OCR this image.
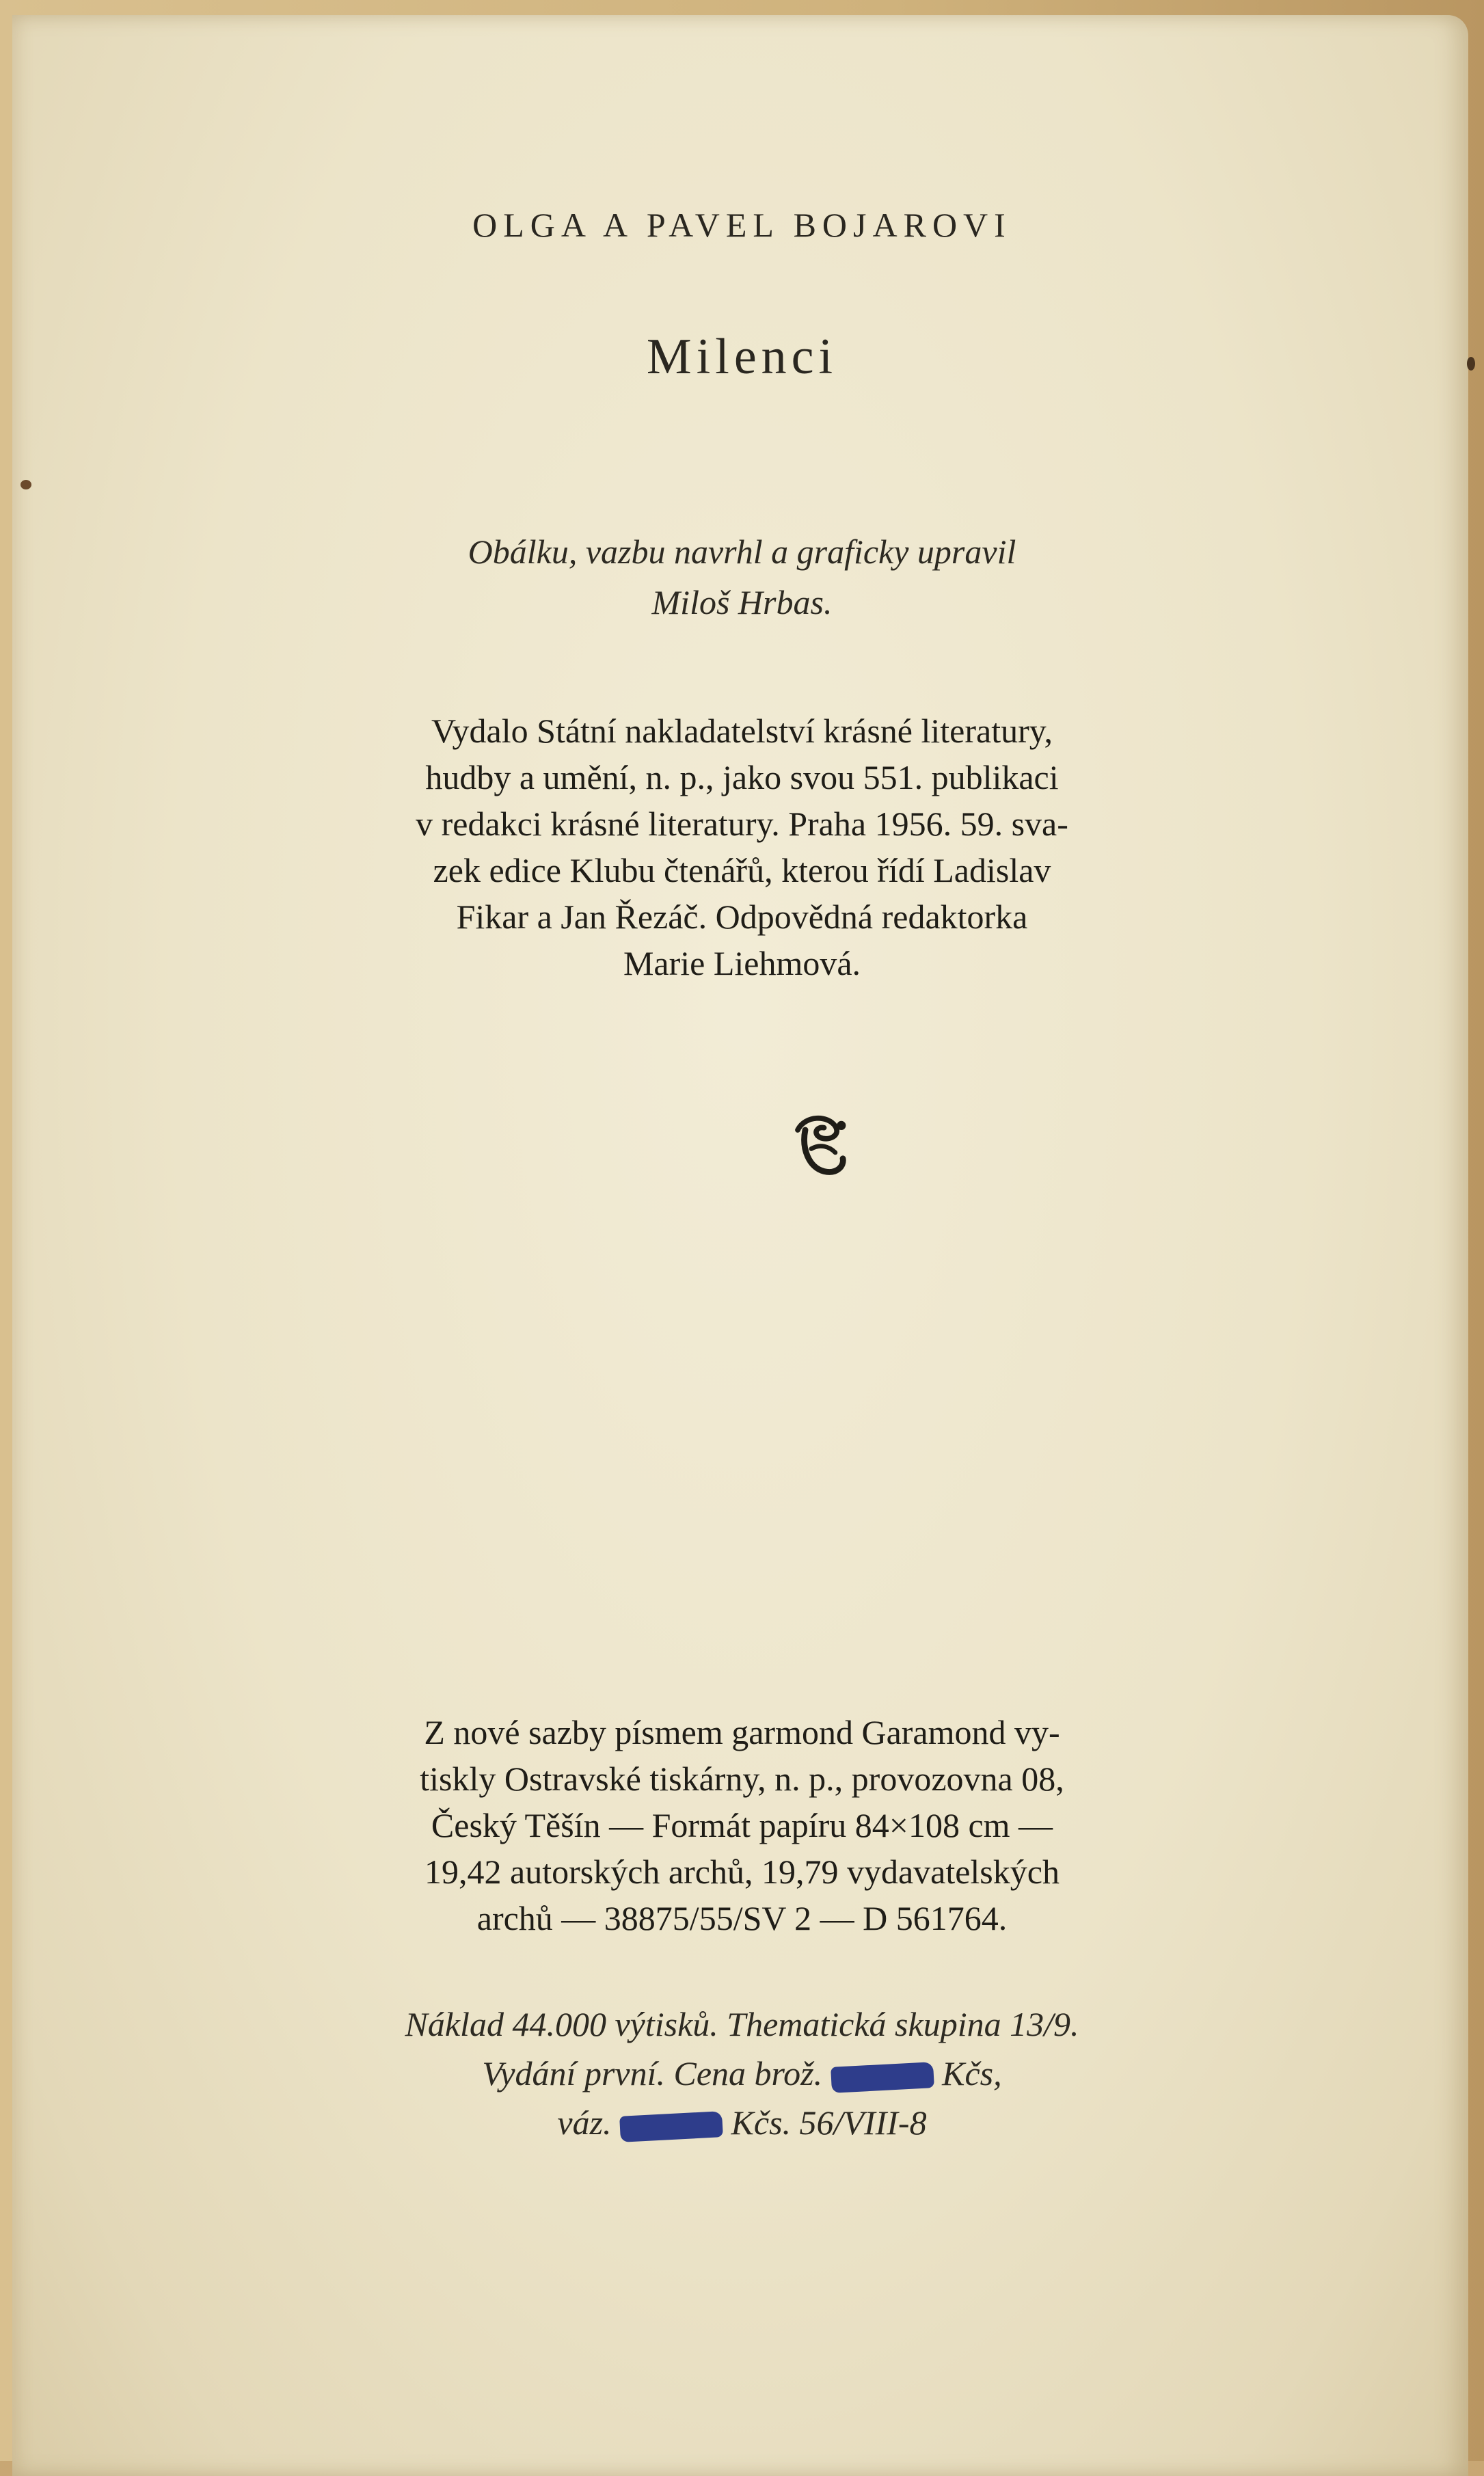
OLGA A PAVEL BOJAROVI
Milenci
Obálku, vazbu navrhl a graficky upravil
Miloš Hrbas.
Vydalo Státní nakladatelství krásné literatury,
hudby a umění, n. p., jako svou 551. publikaci
v redakci krásné literatury. Praha 1956. 59. sva-
zek edice Klubu čtenářů, kterou řídí Ladislav
Fikar a Jan Řezáč. Odpovědná redaktorka
Marie Liehmová.
Z nové sazby písmem garmond Garamond vy-
tiskly Ostravské tiskárny, n. p., provozovna 08,
Český Těšín — Formát papíru 84×108 cm —
19,42 autorských archů, 19,79 vydavatelských
archů — 38875/55/SV 2 — D 561764.
Náklad 44.000 výtisků. Thematická skupina 13/9.
Vydání první. Cena brož.	Kčs,
váz.	Kčs. 56/VIII-8
